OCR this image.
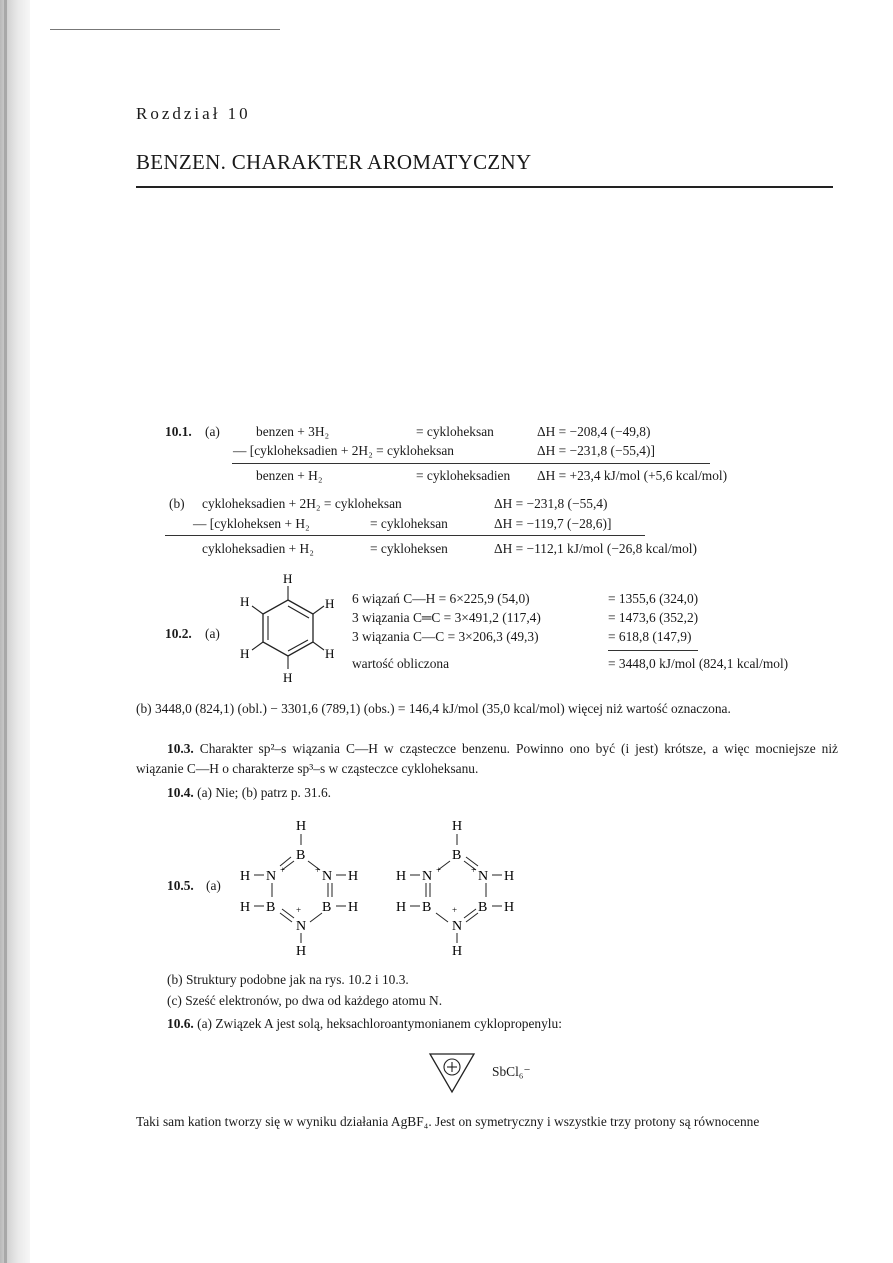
Rozdział 10
BENZEN. CHARAKTER AROMATYCZNY
10.1. (a)	benzen + 3H₂	= cykloheksan	ΔH = −208,4 (−49,8)
— [cykloheksadien + 2H₂ = cykloheksan	ΔH = −231,8 (−55,4)]
benzen + H₂	= cykloheksadien ΔH = +23,4 kJ/mol (+5,6 kcal/mol)
(b) cykloheksadien + 2H₂ = cykloheksan	ΔH = −231,8 (−55,4)
— [cykloheksen + H₂	= cykloheksan	ΔH = −119,7 (−28,6)]
cykloheksadien + H₂	= cykloheksen	ΔH = −112,1 kJ/mol (−26,8 kcal/mol)
10.2. (a)
H
H
H
H
H
H	6 wiązań C—H = 6×225,9 (54,0)	= 1355,6 (324,0)
3 wiązania C═C = 3×491,2 (117,4)	= 1473,6 (352,2)
3 wiązania C—C = 3×206,3 (49,3)	= 618,8 (147,9)
wartość obliczona	= 3448,0 kJ/mol (824,1 kcal/mol)
(b) 3448,0 (824,1) (obl.) − 3301,6 (789,1) (obs.) = 146,4 kJ/mol (35,0 kcal/mol) więcej niż wartość oznaczona.
10.3. Charakter sp²–s wiązania C—H w cząsteczce benzenu. Powinno ono być (i jest) krótsze, a więc mocniejsze niż wiązanie C—H o charakterze sp³–s w cząsteczce cykloheksanu.
10.4. (a) Nie; (b) patrz p. 31.6.
10.5. (a)
H
B
H N +	+ N H
H B	B H
+
N
H
H
B
H N +	+ N H
H B	B H
+
N
H
(b) Struktury podobne jak na rys. 10.2 i 10.3.
(c) Sześć elektronów, po dwa od każdego atomu N.
10.6. (a) Związek A jest solą, heksachloroantymonianem cyklopropenylu:
SbCl₆⁻
Taki sam kation tworzy się w wyniku działania AgBF₄. Jest on symetryczny i wszystkie trzy protony są równocenne
